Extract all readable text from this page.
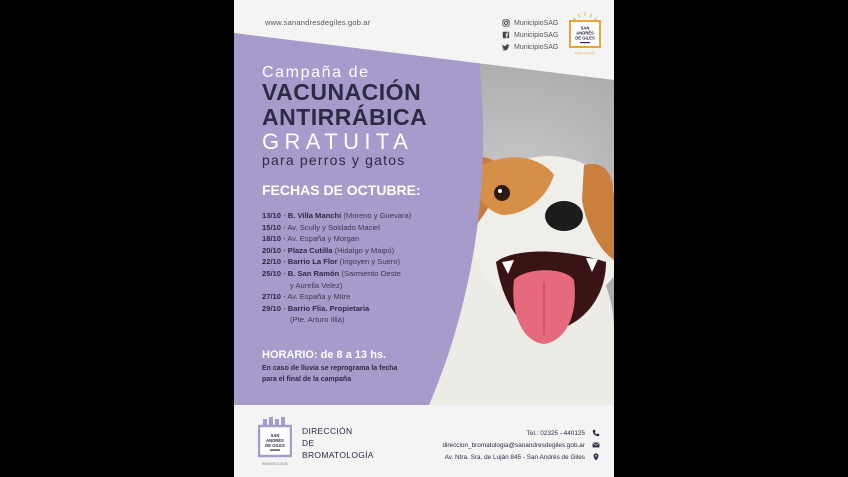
www.sanandresdegiles.gob.ar	MunicipioSAG
MunicipioSAG
MunicipioSAG
SAN
ANDRÉS
DE GILES
Elegís vivir acá
Campaña de
VACUNACIÓN
ANTIRRÁBICA
GRATUITA
para perros y gatos
FECHAS DE OCTUBRE:
13/10 - B. Villa Manchi (Moreno y Guevara)
15/10 - Av. Scully y Soldado Maciel
18/10 - Av. España y Morgan
20/10 - Plaza Cutilla (Hidalgo y Maipú)
22/10 - Barrio La Flor (Irigoyen y Suero)
25/10 - B. San Ramón (Sarmiento Oeste
y Aurelia Velez)
27/10 - Av. España y Mitre
29/10 - Barrio Flia. Propietaria
(Pte. Arturo Illia)
HORARIO: de 8 a 13 hs.
En caso de lluvia se reprograma la fecha para el final de la campaña
SAN
ANDRÉS
DE GILES
BROMATOLOGÍA
DIRECCIÓN
DE
BROMATOLOGÍA
Tel.: 02325 - 440125
direccion_bromatologia@sanandresdegiles.gob.ar
Av. Ntra. Sra. de Luján 845 - San Andrés de Giles
